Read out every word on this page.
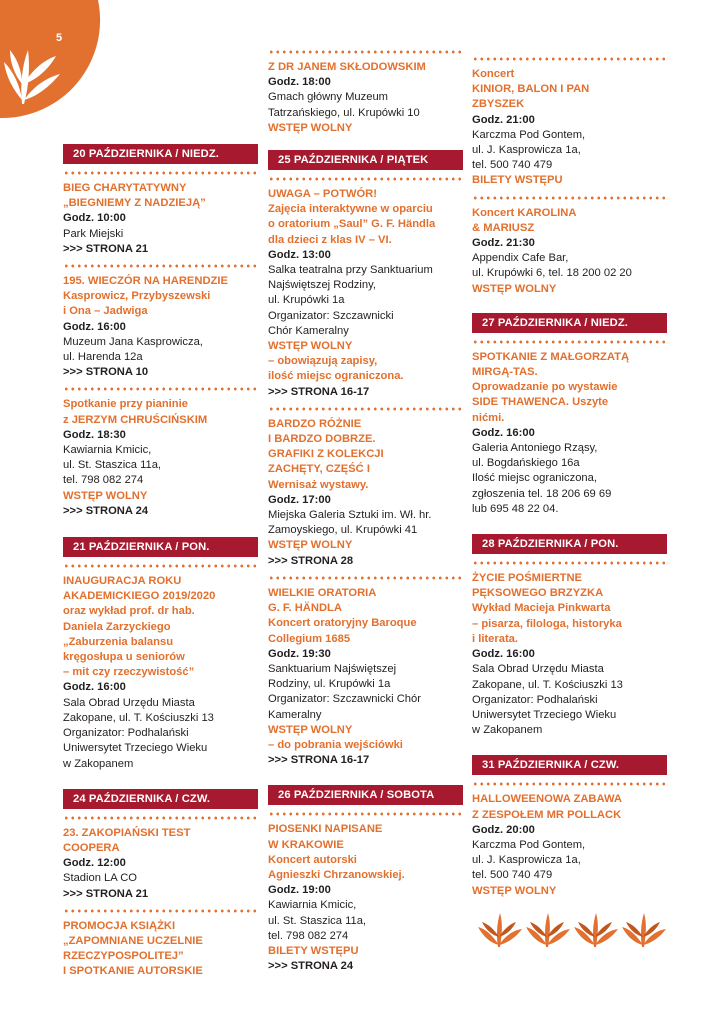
5
20 PAŹDZIERNIKA / NIEDZ.
BIEG CHARYTATYWNY
„BIEGNIEMY Z NADZIEJĄ”
Godz. 10:00
Park Miejski
>>> STRONA 21
195. WIECZÓR NA HARENDZIE
Kasprowicz, Przybyszewski
i Ona – Jadwiga
Godz. 16:00
Muzeum Jana Kasprowicza,
ul. Harenda 12a
>>> STRONA 10
Spotkanie przy pianinie
z JERZYM CHRUŚCIŃSKIM
Godz. 18:30
Kawiarnia Kmicic,
ul. St. Staszica 11a,
tel. 798 082 274
WSTĘP WOLNY
>>> STRONA 24
21 PAŹDZIERNIKA / PON.
INAUGURACJA ROKU
AKADEMICKIEGO 2019/2020
oraz wykład prof. dr hab.
Daniela Zarzyckiego
„Zaburzenia balansu
kręgosłupa u seniorów
– mit czy rzeczywistość”
Godz. 16:00
Sala Obrad Urzędu Miasta
Zakopane, ul. T. Kościuszki 13
Organizator: Podhalański
Uniwersytet Trzeciego Wieku
w Zakopanem
24 PAŹDZIERNIKA / CZW.
23. ZAKOPIAŃSKI TEST
COOPERA
Godz. 12:00
Stadion LA CO
>>> STRONA 21
PROMOCJA KSIĄŻKI
„ZAPOMNIANE UCZELNIE
RZECZYPOSPOLITEJ”
I SPOTKANIE AUTORSKIE
Z DR JANEM SKŁODOWSKIM
Godz. 18:00
Gmach główny Muzeum
Tatrzańskiego, ul. Krupówki 10
WSTĘP WOLNY
25 PAŹDZIERNIKA / PIĄTEK
UWAGA – POTWÓR!
Zajęcia interaktywne w oparciu
o oratorium „Saul” G. F. Händla
dla dzieci z klas IV – VI.
Godz. 13:00
Salka teatralna przy Sanktuarium
Najświętszej Rodziny,
ul. Krupówki 1a
Organizator: Szczawnicki
Chór Kameralny
WSTĘP WOLNY
– obowiązują zapisy,
ilość miejsc ograniczona.
>>> STRONA 16-17
BARDZO RÓŻNIE
I BARDZO DOBRZE.
GRAFIKI Z KOLEKCJI
ZACHĘTY, CZĘŚĆ I
Wernisaż wystawy.
Godz. 17:00
Miejska Galeria Sztuki im. Wł. hr.
Zamoyskiego, ul. Krupówki 41
WSTĘP WOLNY
>>> STRONA 28
WIELKIE ORATORIA
G. F. HÄNDLA
Koncert oratoryjny Baroque
Collegium 1685
Godz. 19:30
Sanktuarium Najświętszej
Rodziny, ul. Krupówki 1a
Organizator: Szczawnicki Chór
Kameralny
WSTĘP WOLNY
– do pobrania wejściówki
>>> STRONA 16-17
26 PAŹDZIERNIKA / SOBOTA
PIOSENKI NAPISANE
W KRAKOWIE
Koncert autorski
Agnieszki Chrzanowskiej.
Godz. 19:00
Kawiarnia Kmicic,
ul. St. Staszica 11a,
tel. 798 082 274
BILETY WSTĘPU
>>> STRONA 24
Koncert
KINIOR, BALON I PAN
ZBYSZEK
Godz. 21:00
Karczma Pod Gontem,
ul. J. Kasprowicza 1a,
tel. 500 740 479
BILETY WSTĘPU
Koncert KAROLINA
& MARIUSZ
Godz. 21:30
Appendix Cafe Bar,
ul. Krupówki 6, tel. 18 200 02 20
WSTĘP WOLNY
27 PAŹDZIERNIKA / NIEDZ.
SPOTKANIE Z MAŁGORZATĄ
MIRGĄ-TAS.
Oprowadzanie po wystawie
SIDE THAWENCA. Uszyte
nićmi.
Godz. 16:00
Galeria Antoniego Rząsy,
ul. Bogdańskiego 16a
Ilość miejsc ograniczona,
zgłoszenia tel. 18 206 69 69
lub 695 48 22 04.
28 PAŹDZIERNIKA / PON.
ŻYCIE POŚMIERTNE
PĘKSOWEGO BRZYZKA
Wykład Macieja Pinkwarta
– pisarza, filologa, historyka
i literata.
Godz. 16:00
Sala Obrad Urzędu Miasta
Zakopane, ul. T. Kościuszki 13
Organizator: Podhalański
Uniwersytet Trzeciego Wieku
w Zakopanem
31 PAŹDZIERNIKA / CZW.
HALLOWEENOWA ZABAWA
Z ZESPOŁEM MR POLLACK
Godz. 20:00
Karczma Pod Gontem,
ul. J. Kasprowicza 1a,
tel. 500 740 479
WSTĘP WOLNY
